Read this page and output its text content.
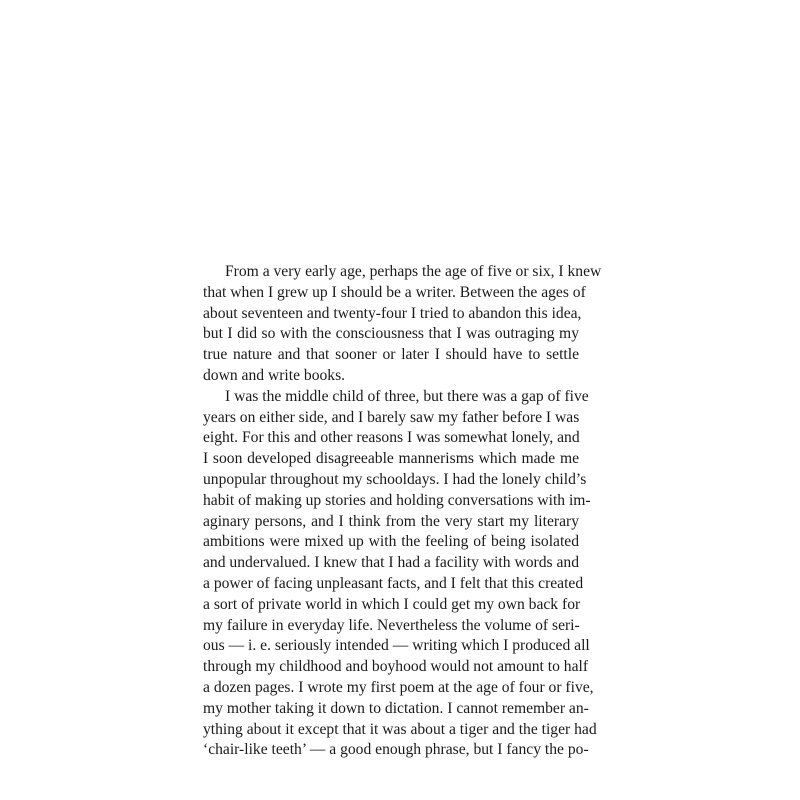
From a very early age, perhaps the age of five or six, I knew
that when I grew up I should be a writer. Between the ages of
about seventeen and twenty-four I tried to abandon this idea,
but I did so with the consciousness that I was outraging my
true nature and that sooner or later I should have to settle
down and write books.
I was the middle child of three, but there was a gap of five
years on either side, and I barely saw my father before I was
eight. For this and other reasons I was somewhat lonely, and
I soon developed disagreeable mannerisms which made me
unpopular throughout my schooldays. I had the lonely child’s
habit of making up stories and holding conversations with im-
aginary persons, and I think from the very start my literary
ambitions were mixed up with the feeling of being isolated
and undervalued. I knew that I had a facility with words and
a power of facing unpleasant facts, and I felt that this created
a sort of private world in which I could get my own back for
my failure in everyday life. Nevertheless the volume of seri-
ous — i. e. seriously intended — writing which I produced all
through my childhood and boyhood would not amount to half
a dozen pages. I wrote my first poem at the age of four or five,
my mother taking it down to dictation. I cannot remember an-
ything about it except that it was about a tiger and the tiger had
‘chair-like teeth’ — a good enough phrase, but I fancy the po-
